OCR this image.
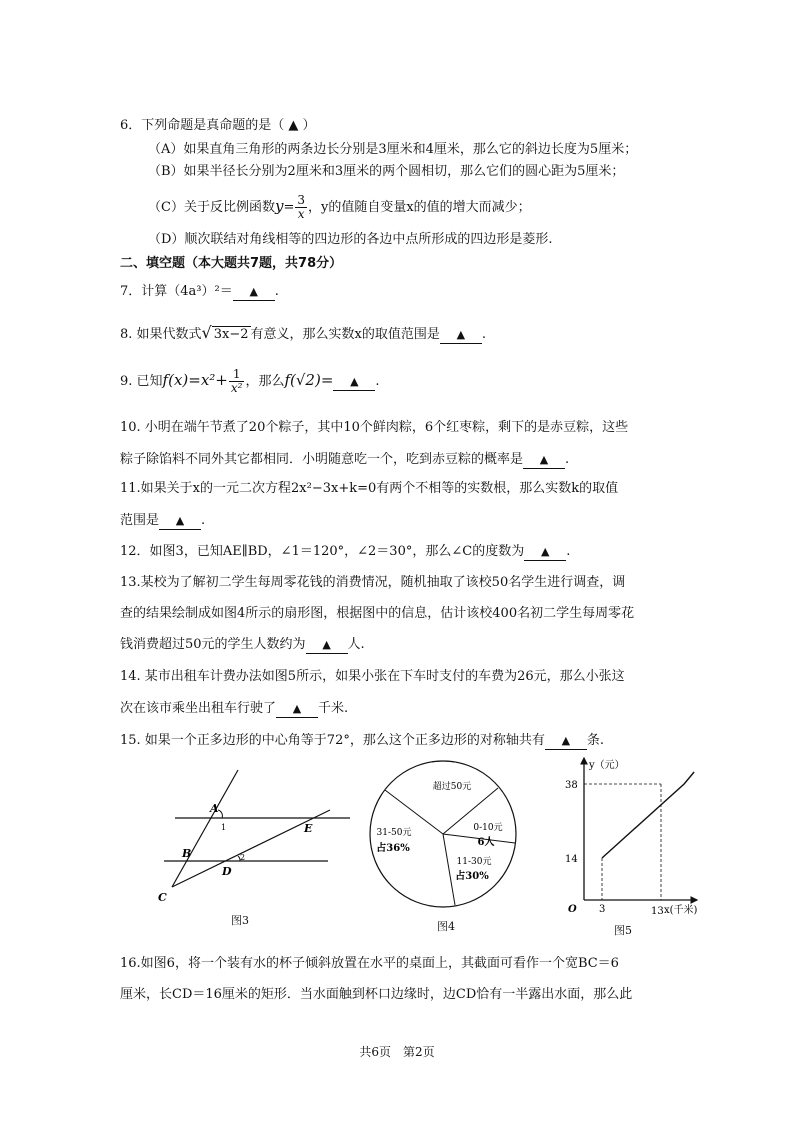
6．下列命题是真命题的是（ ▲ ）
（A）如果直角三角形的两条边长分别是3厘米和4厘米，那么它的斜边长度为5厘米；
（B）如果半径长分别为2厘米和3厘米的两个圆相切，那么它们的圆心距为5厘米；
（C）关于反比例函数$y= \frac{3}{x}$ ，y的值随自变量x的值的增大而减少；
（D）顺次联结对角线相等的四边形的各边中点所形成的四边形是菱形.
二、填空题（本大题共7题，共78分）
7．计算（4a³）²＝ ▲ .
8. 如果代数式√ 3x−2 有意义，那么实数x的取值范围是 ▲ .
9. 已知$f(x)=x^2+ \frac{1}{\text{x²}}$ ，那么f(√2)= ▲ .
10. 小明在端午节煮了20个粽子，其中10个鲜肉粽，6个红枣粽，剩下的是赤豆粽，这些
粽子除馅料不同外其它都相同．小明随意吃一个，吃到赤豆粽的概率是 ▲ .
11.如果关于x的一元二次方程2x²−3x+k=0有两个不相等的实数根，那么实数k的取值
范围是 ▲ .
12．如图3，已知AE∥BD，∠1＝120°，∠2＝30°，那么∠C的度数为 ▲ .
13.某校为了解初二学生每周零花钱的消费情况，随机抽取了该校50名学生进行调查，调
查的结果绘制成如图4所示的扇形图，根据图中的信息，估计该校400名初二学生每周零花
钱消费超过50元的学生人数约为 ▲ 人.
14. 某市出租车计费办法如图5所示，如果小张在下车时支付的车费为26元，那么小张这
次在该市乘坐出租车行驶了 ▲ 千米.
15. 如果一个正多边形的中心角等于72°，那么这个正多边形的对称轴共有 ▲ 条.
A
E
B
D
C
1
2
图3
超过50元
0-10元
6人
11-30元
占30%
31-50元
占36%
图4
y（元）
x(千米)
O
38
14
3	13
图5
16.如图6，将一个装有水的杯子倾斜放置在水平的桌面上，其截面可看作一个宽BC＝6
厘米，长CD＝16厘米的矩形．当水面触到杯口边缘时，边CD恰有一半露出水面，那么此
共6页　第2页
